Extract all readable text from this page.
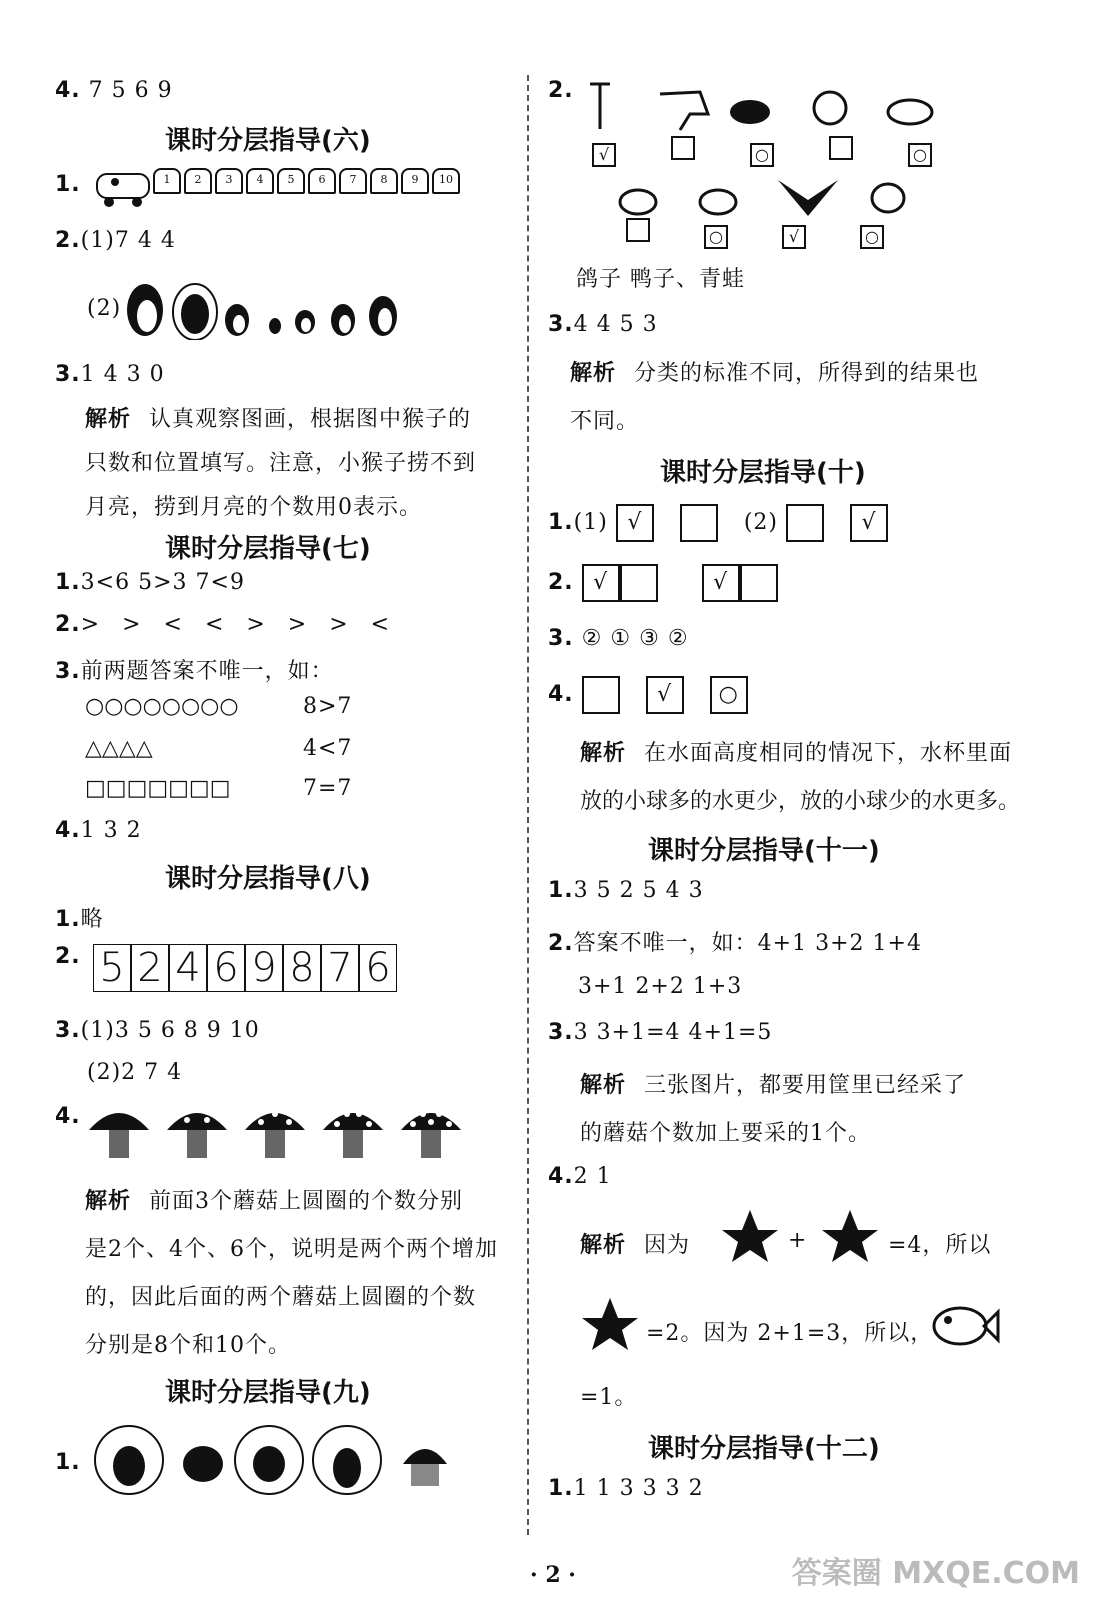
4. 7 5 6 9
课时分层指导(六)
1.	1 2 3 4 5 6 7 8 9 10
2.(1)7 4 4
(2)
3.1 4 3 0
解析 认真观察图画，根据图中猴子的
只数和位置填写。注意，小猴子捞不到
月亮，捞到月亮的个数用0表示。
课时分层指导(七)
1.3<6 5>3 7<9
2.> > < < > > > <
3.前两题答案不唯一，如：
○○○○○○○○	8>7
△△△△	4<7
□□□□□□□	7=7
4.1 3 2
课时分层指导(八)
1.略
2. 5 2 4 6 9 8 7 6
3.(1)3 5 6 8 9 10
(2)2 7 4
4.
解析 前面3个蘑菇上圆圈的个数分别
是2个、4个、6个，说明是两个两个增加
的，因此后面的两个蘑菇上圆圈的个数
分别是8个和10个。
课时分层指导(九)
1.
2.
√	○	○
○	√	○
鸽子 鸭子、青蛙
3.4 4 5 3
解析 分类的标准不同，所得到的结果也
不同。
课时分层指导(十)
1.(1) √	(2)	√
2. √	√
3. ② ① ③ ②
4.	√ ○
解析 在水面高度相同的情况下，水杯里面
放的小球多的水更少，放的小球少的水更多。
课时分层指导(十一)
1.3 5 2 5 4 3
2.答案不唯一，如：4+1 3+2 1+4
3+1 2+2 1+3
3.3 3+1=4 4+1=5
解析 三张图片，都要用筐里已经采了
的蘑菇个数加上要采的1个。
4.2 1
解析 因为	+	=4，所以
=2。因为 2+1=3，所以，
=1。
课时分层指导(十二)
1.1 1 3 3 3 2
· 2 ·	答案圈 MXQE.COM
